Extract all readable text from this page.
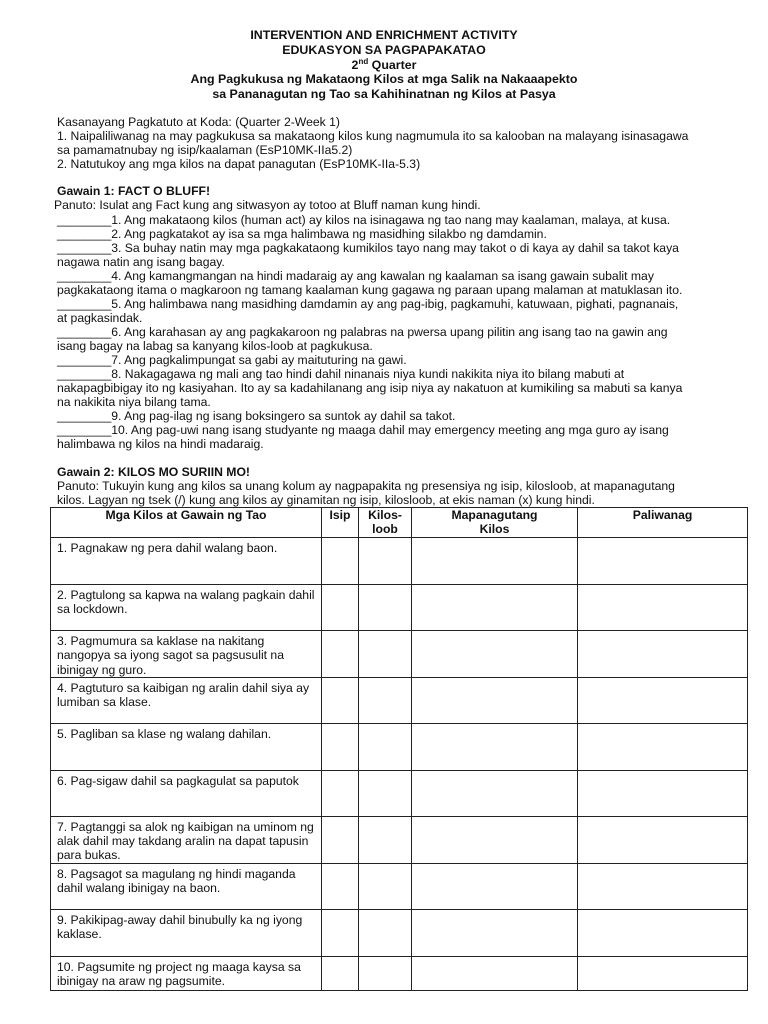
INTERVENTION AND ENRICHMENT ACTIVITY
EDUKASYON SA PAGPAPAKATAO
2nd Quarter
Ang Pagkukusa ng Makataong Kilos at mga Salik na Nakaaapekto
sa Pananagutan ng Tao sa Kahihinatnan ng Kilos at Pasya
Kasanayang Pagkatuto at Koda: (Quarter 2-Week 1)
1. Naipaliliwanag na may pagkukusa sa makataong kilos kung nagmumula ito sa kalooban na malayang isinasagawa
sa pamamatnubay ng isip/kaalaman (EsP10MK-IIa5.2)
2. Natutukoy ang mga kilos na dapat panagutan (EsP10MK-IIa-5.3)
Gawain 1: FACT O BLUFF!
Panuto: Isulat ang Fact kung ang sitwasyon ay totoo at Bluff naman kung hindi.
________1. Ang makataong kilos (human act) ay kilos na isinagawa ng tao nang may kaalaman, malaya, at kusa.
________2. Ang pagkatakot ay isa sa mga halimbawa ng masidhing silakbo ng damdamin.
________3. Sa buhay natin may mga pagkakataong kumikilos tayo nang may takot o di kaya ay dahil sa takot kaya
nagawa natin ang isang bagay.
________4. Ang kamangmangan na hindi madaraig ay ang kawalan ng kaalaman sa isang gawain subalit may
pagkakataong itama o magkaroon ng tamang kaalaman kung gagawa ng paraan upang malaman at matuklasan ito.
________5. Ang halimbawa nang masidhing damdamin ay ang pag-ibig, pagkamuhi, katuwaan, pighati, pagnanais,
at pagkasindak.
________6. Ang karahasan ay ang pagkakaroon ng palabras na pwersa upang pilitin ang isang tao na gawin ang
isang bagay na labag sa kanyang kilos-loob at pagkukusa.
________7. Ang pagkalimpungat sa gabi ay maituturing na gawi.
________8. Nakagagawa ng mali ang tao hindi dahil ninanais niya kundi nakikita niya ito bilang mabuti at
nakapagbibigay ito ng kasiyahan. Ito ay sa kadahilanang ang isip niya ay nakatuon at kumikiling sa mabuti sa kanya
na nakikita niya bilang tama.
________9. Ang pag-ilag ng isang boksingero sa suntok ay dahil sa takot.
________10. Ang pag-uwi nang isang studyante ng maaga dahil may emergency meeting ang mga guro ay isang
halimbawa ng kilos na hindi madaraig.
Gawain 2: KILOS MO SURIIN MO!
Panuto: Tukuyin kung ang kilos sa unang kolum ay nagpapakita ng presensiya ng isip, kilosloob, at mapanagutang
kilos. Lagyan ng tsek (/) kung ang kilos ay ginamitan ng isip, kilosloob, at ekis naman (x) kung hindi.
Mga Kilos at Gawain ng Tao	Isip	Kilos-loob	Mapanagutang Kilos	Paliwanag
1. Pagnakaw ng pera dahil walang baon.				
2. Pagtulong sa kapwa na walang pagkain dahil sa lockdown.				
3. Pagmumura sa kaklase na nakitang nangopya sa iyong sagot sa pagsusulit na ibinigay ng guro.				
4. Pagtuturo sa kaibigan ng aralin dahil siya ay lumiban sa klase.				
5. Pagliban sa klase ng walang dahilan.				
6. Pag-sigaw dahil sa pagkagulat sa paputok				
7. Pagtanggi sa alok ng kaibigan na uminom ng alak dahil may takdang aralin na dapat tapusin para bukas.				
8. Pagsagot sa magulang ng hindi maganda dahil walang ibinigay na baon.				
9. Pakikipag-away dahil binubully ka ng iyong kaklase.				
10. Pagsumite ng project ng maaga kaysa sa ibinigay na araw ng pagsumite.				
